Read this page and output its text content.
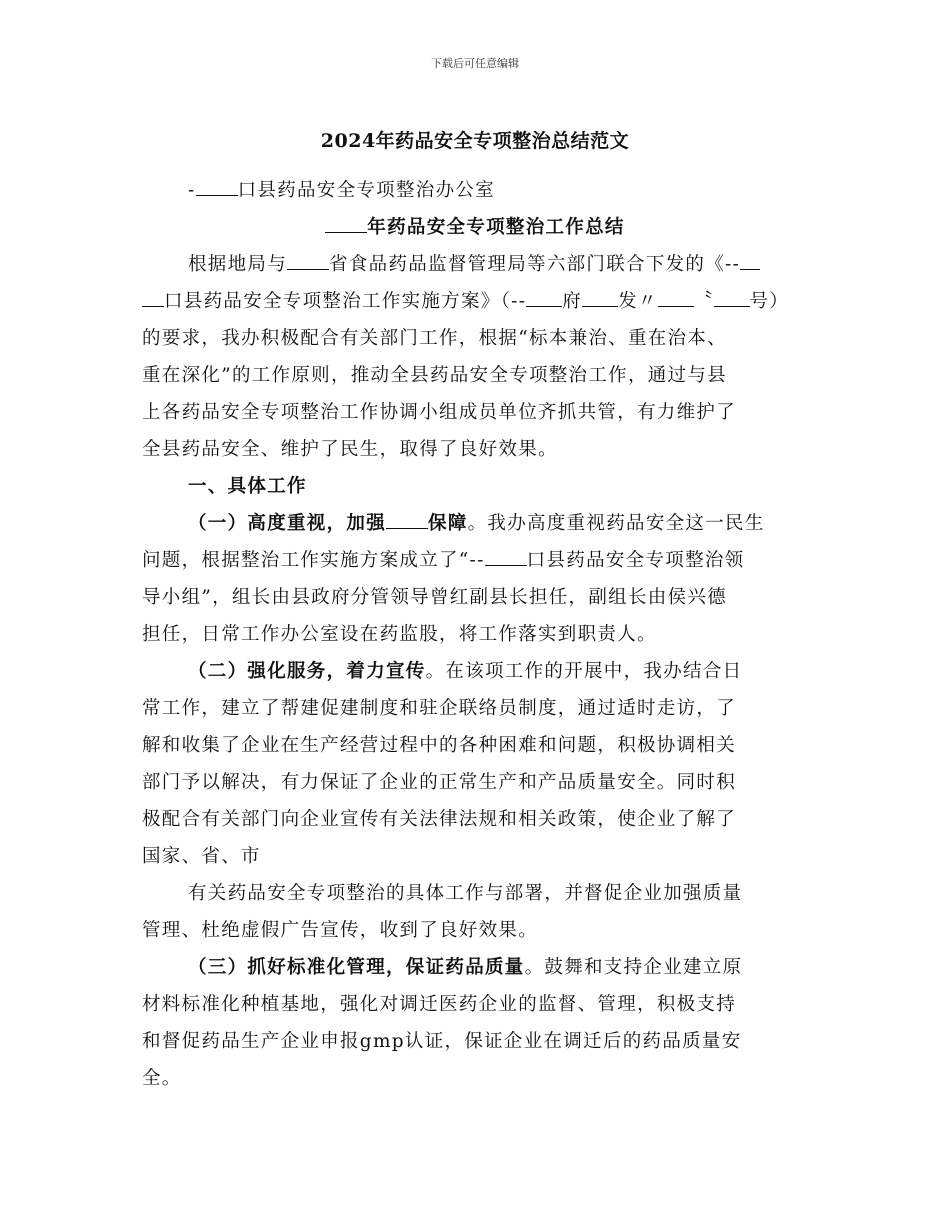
下载后可任意编辑
2024年药品安全专项整治总结范文
- 口县药品安全专项整治办公室
年药品安全专项整治工作总结
根据地局与 省食品药品监督管理局等六部门联合下发的《--
口县药品安全专项整治工作实施方案》（-- 府 发〃 〝 号）
的要求，我办积极配合有关部门工作，根据“标本兼治、重在治本、
重在深化”的工作原则，推动全县药品安全专项整治工作，通过与县
上各药品安全专项整治工作协调小组成员单位齐抓共管，有力维护了
全县药品安全、维护了民生，取得了良好效果。
一、具体工作
（一）高度重视，加强 保障。我办高度重视药品安全这一民生
问题，根据整治工作实施方案成立了“-- 口县药品安全专项整治领
导小组”，组长由县政府分管领导曾红副县长担任，副组长由侯兴德
担任，日常工作办公室设在药监股，将工作落实到职责人。
（二）强化服务，着力宣传。在该项工作的开展中，我办结合日
常工作，建立了帮建促建制度和驻企联络员制度，通过适时走访，了
解和收集了企业在生产经营过程中的各种困难和问题，积极协调相关
部门予以解决，有力保证了企业的正常生产和产品质量安全。同时积
极配合有关部门向企业宣传有关法律法规和相关政策，使企业了解了
国家、省、市
有关药品安全专项整治的具体工作与部署，并督促企业加强质量
管理、杜绝虚假广告宣传，收到了良好效果。
（三）抓好标准化管理，保证药品质量。鼓舞和支持企业建立原
材料标准化种植基地，强化对调迁医药企业的监督、管理，积极支持
和督促药品生产企业申报gmp认证，保证企业在调迁后的药品质量安
全。
